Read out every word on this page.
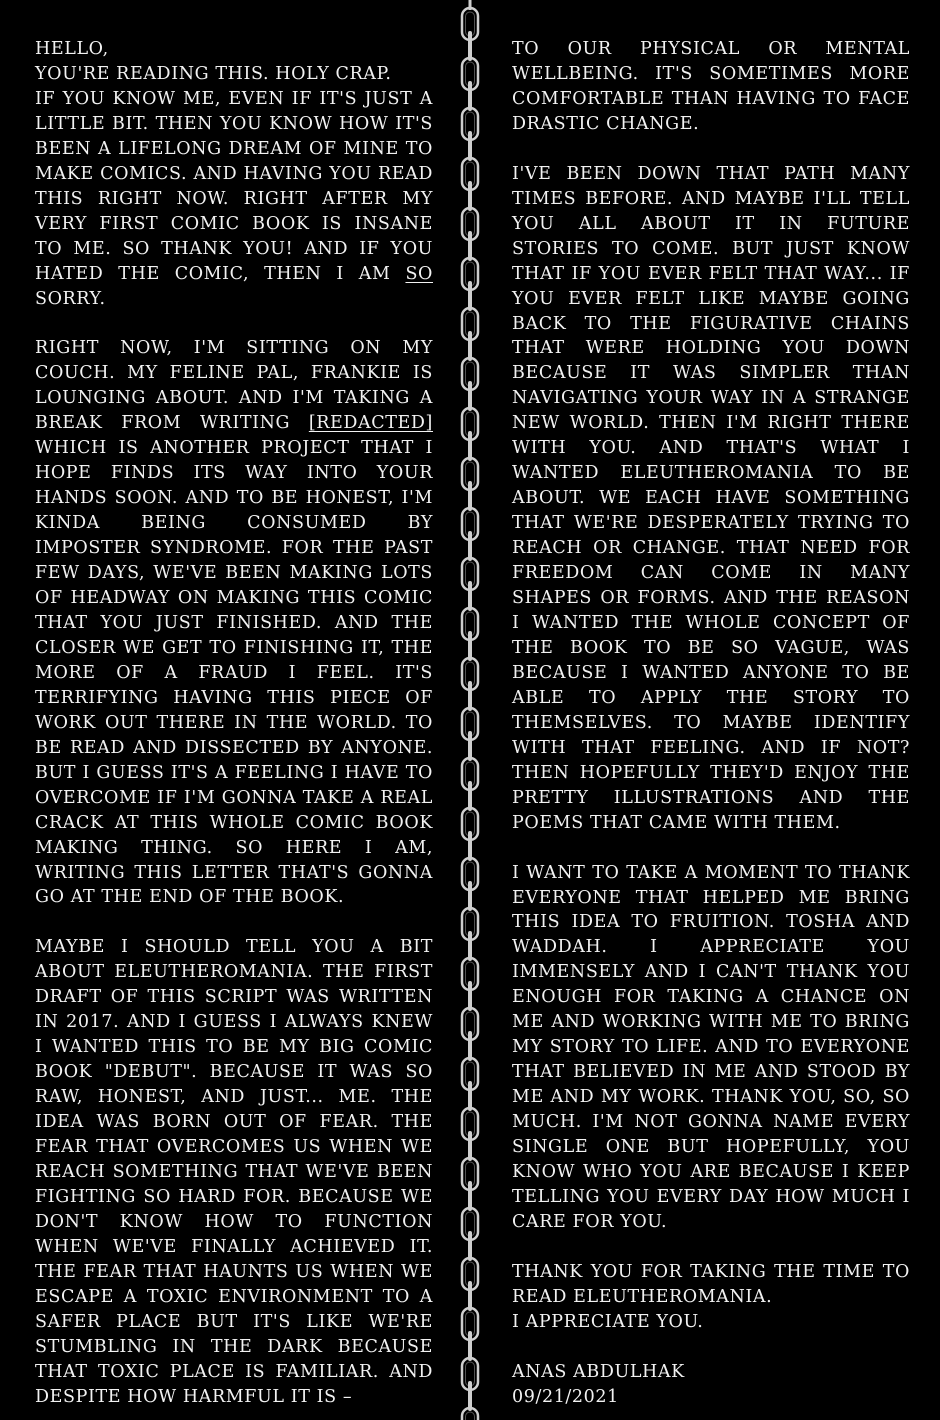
HELLO,

YOU'RE READING THIS. HOLY CRAP.

IF YOU KNOW ME, EVEN IF IT'S JUST A LITTLE BIT. THEN YOU KNOW HOW IT'S BEEN A LIFELONG DREAM OF MINE TO MAKE COMICS. AND HAVING YOU READ THIS RIGHT NOW. RIGHT AFTER MY VERY FIRST COMIC BOOK IS INSANE TO ME. SO THANK YOU! AND IF YOU HATED THE COMIC, THEN I AM SO SORRY.

RIGHT NOW, I'M SITTING ON MY COUCH. MY FELINE PAL, FRANKIE IS LOUNGING ABOUT. AND I'M TAKING A BREAK FROM WRITING [REDACTED] WHICH IS ANOTHER PROJECT THAT I HOPE FINDS ITS WAY INTO YOUR HANDS SOON. AND TO BE HONEST, I'M KINDA BEING CONSUMED BY IMPOSTER SYNDROME. FOR THE PAST FEW DAYS, WE'VE BEEN MAKING LOTS OF HEADWAY ON MAKING THIS COMIC THAT YOU JUST FINISHED. AND THE CLOSER WE GET TO FINISHING IT, THE MORE OF A FRAUD I FEEL. IT'S TERRIFYING HAVING THIS PIECE OF WORK OUT THERE IN THE WORLD. TO BE READ AND DISSECTED BY ANYONE. BUT I GUESS IT'S A FEELING I HAVE TO OVERCOME IF I'M GONNA TAKE A REAL CRACK AT THIS WHOLE COMIC BOOK MAKING THING. SO HERE I AM, WRITING THIS LETTER THAT'S GONNA GO AT THE END OF THE BOOK.

MAYBE I SHOULD TELL YOU A BIT ABOUT ELEUTHEROMANIA. THE FIRST DRAFT OF THIS SCRIPT WAS WRITTEN IN 2017. AND I GUESS I ALWAYS KNEW I WANTED THIS TO BE MY BIG COMIC BOOK "DEBUT". BECAUSE IT WAS SO RAW, HONEST, AND JUST... ME. THE IDEA WAS BORN OUT OF FEAR. THE FEAR THAT OVERCOMES US WHEN WE REACH SOMETHING THAT WE'VE BEEN FIGHTING SO HARD FOR. BECAUSE WE DON'T KNOW HOW TO FUNCTION WHEN WE'VE FINALLY ACHIEVED IT. THE FEAR THAT HAUNTS US WHEN WE ESCAPE A TOXIC ENVIRONMENT TO A SAFER PLACE BUT IT'S LIKE WE'RE STUMBLING IN THE DARK BECAUSE THAT TOXIC PLACE IS FAMILIAR. AND DESPITE HOW HARMFUL IT IS –

TO OUR PHYSICAL OR MENTAL WELLBEING. IT'S SOMETIMES MORE COMFORTABLE THAN HAVING TO FACE DRASTIC CHANGE.

I'VE BEEN DOWN THAT PATH MANY TIMES BEFORE. AND MAYBE I'LL TELL YOU ALL ABOUT IT IN FUTURE STORIES TO COME. BUT JUST KNOW THAT IF YOU EVER FELT THAT WAY... IF YOU EVER FELT LIKE MAYBE GOING BACK TO THE FIGURATIVE CHAINS THAT WERE HOLDING YOU DOWN BECAUSE IT WAS SIMPLER THAN NAVIGATING YOUR WAY IN A STRANGE NEW WORLD. THEN I'M RIGHT THERE WITH YOU. AND THAT'S WHAT I WANTED ELEUTHEROMANIA TO BE ABOUT. WE EACH HAVE SOMETHING THAT WE'RE DESPERATELY TRYING TO REACH OR CHANGE. THAT NEED FOR FREEDOM CAN COME IN MANY SHAPES OR FORMS. AND THE REASON I WANTED THE WHOLE CONCEPT OF THE BOOK TO BE SO VAGUE, WAS BECAUSE I WANTED ANYONE TO BE ABLE TO APPLY THE STORY TO THEMSELVES. TO MAYBE IDENTIFY WITH THAT FEELING. AND IF NOT? THEN HOPEFULLY THEY'D ENJOY THE PRETTY ILLUSTRATIONS AND THE POEMS THAT CAME WITH THEM.

I WANT TO TAKE A MOMENT TO THANK EVERYONE THAT HELPED ME BRING THIS IDEA TO FRUITION. TOSHA AND WADDAH. I APPRECIATE YOU IMMENSELY AND I CAN'T THANK YOU ENOUGH FOR TAKING A CHANCE ON ME AND WORKING WITH ME TO BRING MY STORY TO LIFE. AND TO EVERYONE THAT BELIEVED IN ME AND STOOD BY ME AND MY WORK. THANK YOU, SO, SO MUCH. I'M NOT GONNA NAME EVERY SINGLE ONE BUT HOPEFULLY, YOU KNOW WHO YOU ARE BECAUSE I KEEP TELLING YOU EVERY DAY HOW MUCH I CARE FOR YOU.

THANK YOU FOR TAKING THE TIME TO READ ELEUTHEROMANIA.

I APPRECIATE YOU.

ANAS ABDULHAK

09/21/2021
